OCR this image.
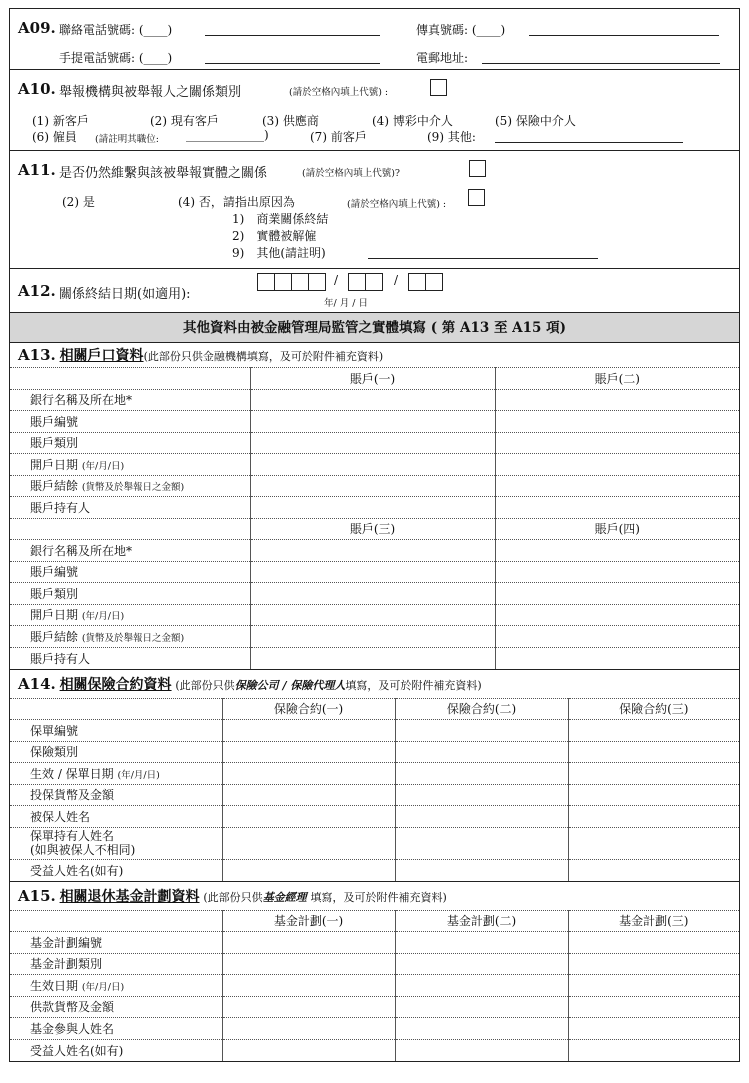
A09. 聯絡電話號碼: (____)	傳真號碼: (____)
手提電話號碼: (____)	電郵地址:
A10. 舉報機構與被舉報人之關係類別	(請於空格內填上代號) :
(1) 新客戶	(2) 現有客戶	(3) 供應商	(4) 博彩中介人	(5) 保險中介人
(6) 僱員 (請註明其職位: _____________)	(7) 前客戶	(9) 其他:
A11. 是否仍然維繫與該被舉報實體之關係	(請於空格內填上代號)?
(2) 是	(4) 否，請指出原因為	(請於空格內填上代號) :
1)　商業關係終結
2)　實體被解僱
9)　其他(請註明)
A12. 關係終結日期(如適用):
/	/
年/ 月 / 日
其他資料由被金融管理局監管之實體填寫 ( 第 A13 至 A15 項)
A13. 相關戶口資料(此部份只供金融機構填寫，及可於附件補充資料)
	賬戶(一)	賬戶(二)
銀行名稱及所在地*		
賬戶編號		
賬戶類別		
開戶日期 (年/月/日)		
賬戶結餘 (貨幣及於舉報日之金額)		
賬戶持有人		
	賬戶(三)	賬戶(四)
銀行名稱及所在地*		
賬戶編號		
賬戶類別		
開戶日期 (年/月/日)		
賬戶結餘 (貨幣及於舉報日之金額)		
賬戶持有人		
A14. 相關保險合約資料 (此部份只供保險公司 / 保險代理人填寫，及可於附件補充資料)
	保險合約(一)	保險合約(二)	保險合約(三)
保單編號			
保險類別			
生效 / 保單日期 (年/月/日)			
投保貨幣及金額			
被保人姓名			
保單持有人姓名
(如與被保人不相同)			
受益人姓名(如有)			
A15. 相關退休基金計劃資料 (此部份只供基金經理 填寫，及可於附件補充資料)
	基金計劃(一)	基金計劃(二)	基金計劃(三)
基金計劃編號			
基金計劃類別			
生效日期 (年/月/日)			
供款貨幣及金額			
基金參與人姓名			
受益人姓名(如有)			
